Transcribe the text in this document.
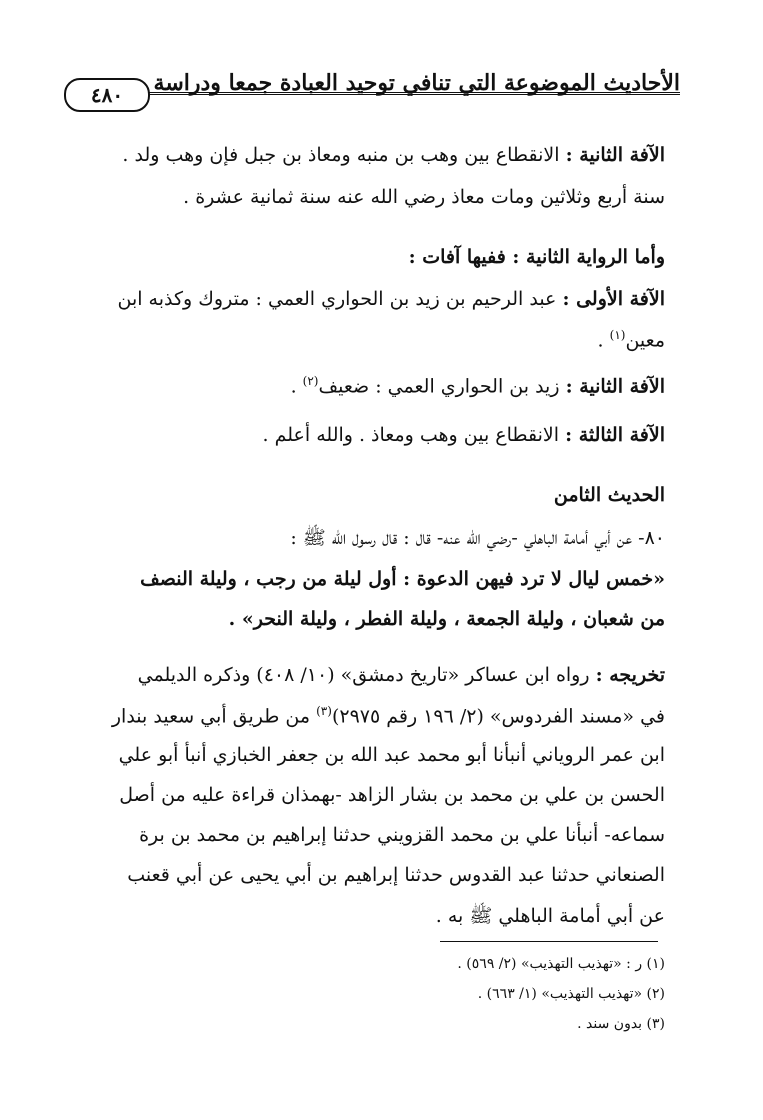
الأحاديث الموضوعة التي تنافي توحيد العبادة جمعا ودراسة
٤٨٠
الآفة الثانية : الانقطاع بين وهب بن منبه ومعاذ بن جبل فإن وهب ولد .
سنة أربع وثلاثين ومات معاذ رضي الله عنه سنة ثمانية عشرة .
وأما الرواية الثانية : ففيها آفات :
الآفة الأولى : عبد الرحيم بن زيد بن الحواري العمي : متروك وكذبه ابن
معين$^{(١)}$ .
الآفة الثانية : زيد بن الحواري العمي : ضعيف$^{(٢)}$ .
الآفة الثالثة : الانقطاع بين وهب ومعاذ . والله أعلم .
الحديث الثامن
٨٠- عن أبي أمامة الباهلي -رضي الله عنه- قال : قال رسول الله ﷺ :
«خمس ليال لا ترد فيهن الدعوة : أول ليلة من رجب ، وليلة النصف
من شعبان ، وليلة الجمعة ، وليلة الفطر ، وليلة النحر» .
تخريجه : رواه ابن عساكر «تاريخ دمشق» (١٠/ ٤٠٨) وذكره الديلمي
في «مسند الفردوس» (٢/ ١٩٦ رقم ٢٩٧٥)$^{(٣)}$ من طريق أبي سعيد بندار
ابن عمر الروياني أنبأنا أبو محمد عبد الله بن جعفر الخبازي أنبأ أبو علي
الحسن بن علي بن محمد بن بشار الزاهد -بهمذان قراءة عليه من أصل
سماعه- أنبأنا علي بن محمد القزويني حدثنا إبراهيم بن محمد بن برة
الصنعاني حدثنا عبد القدوس حدثنا إبراهيم بن أبي يحيى عن أبي قعنب
عن أبي أمامة الباهلي ﷺ به .
(١) ر : «تهذيب التهذيب» (٢/ ٥٦٩) .
(٢) «تهذيب التهذيب» (١/ ٦٦٣) .
(٣) بدون سند .
